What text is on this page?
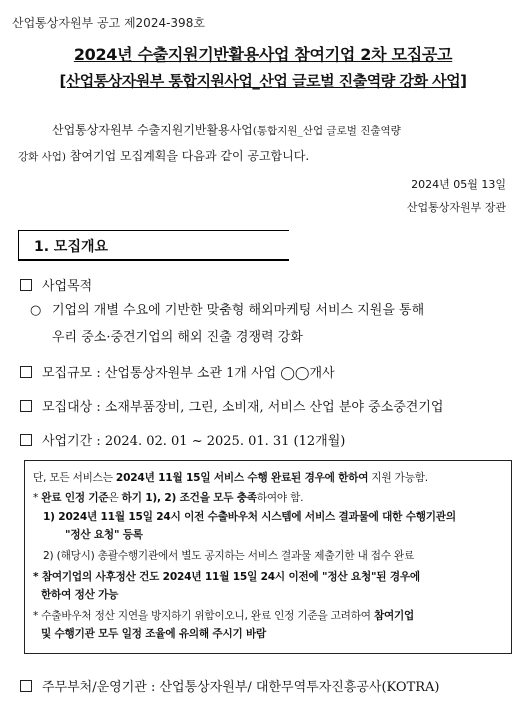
산업통상자원부 공고 제2024-398호
2024년 수출지원기반활용사업 참여기업 2차 모집공고
[산업통상자원부 통합지원사업_산업 글로벌 진출역량 강화 사업]
산업통상자원부 수출지원기반활용사업(통합지원_산업 글로벌 진출역량
강화 사업) 참여기업 모집계획을 다음과 같이 공고합니다.
2024년 05월 13일
산업통상자원부 장관
1. 모집개요
사업목적
○ 기업의 개별 수요에 기반한 맞춤형 해외마케팅 서비스 지원을 통해
우리 중소·중견기업의 해외 진출 경쟁력 강화
모집규모 : 산업통상자원부 소관 1개 사업 ◯◯개사
모집대상 : 소재부품장비, 그린, 소비재, 서비스 산업 분야 중소중견기업
사업기간 : 2024. 02. 01 ~ 2025. 01. 31 (12개월)
단, 모든 서비스는 2024년 11월 15일 서비스 수행 완료된 경우에 한하여 지원 가능함.
* 완료 인정 기준은 하기 1), 2) 조건을 모두 충족하여야 함.
1) 2024년 11월 15일 24시 이전 수출바우처 시스템에 서비스 결과물에 대한 수행기관의
"정산 요청" 등록
2) (해당시) 총괄수행기관에서 별도 공지하는 서비스 결과물 제출기한 내 접수 완료
* 참여기업의 사후정산 건도 2024년 11월 15일 24시 이전에 "정산 요청"된 경우에
한하여 정산 가능
* 수출바우처 정산 지연을 방지하기 위함이오니, 완료 인정 기준을 고려하여 참여기업
및 수행기관 모두 일정 조율에 유의해 주시기 바람
주무부처/운영기관 : 산업통상자원부/ 대한무역투자진흥공사(KOTRA)
